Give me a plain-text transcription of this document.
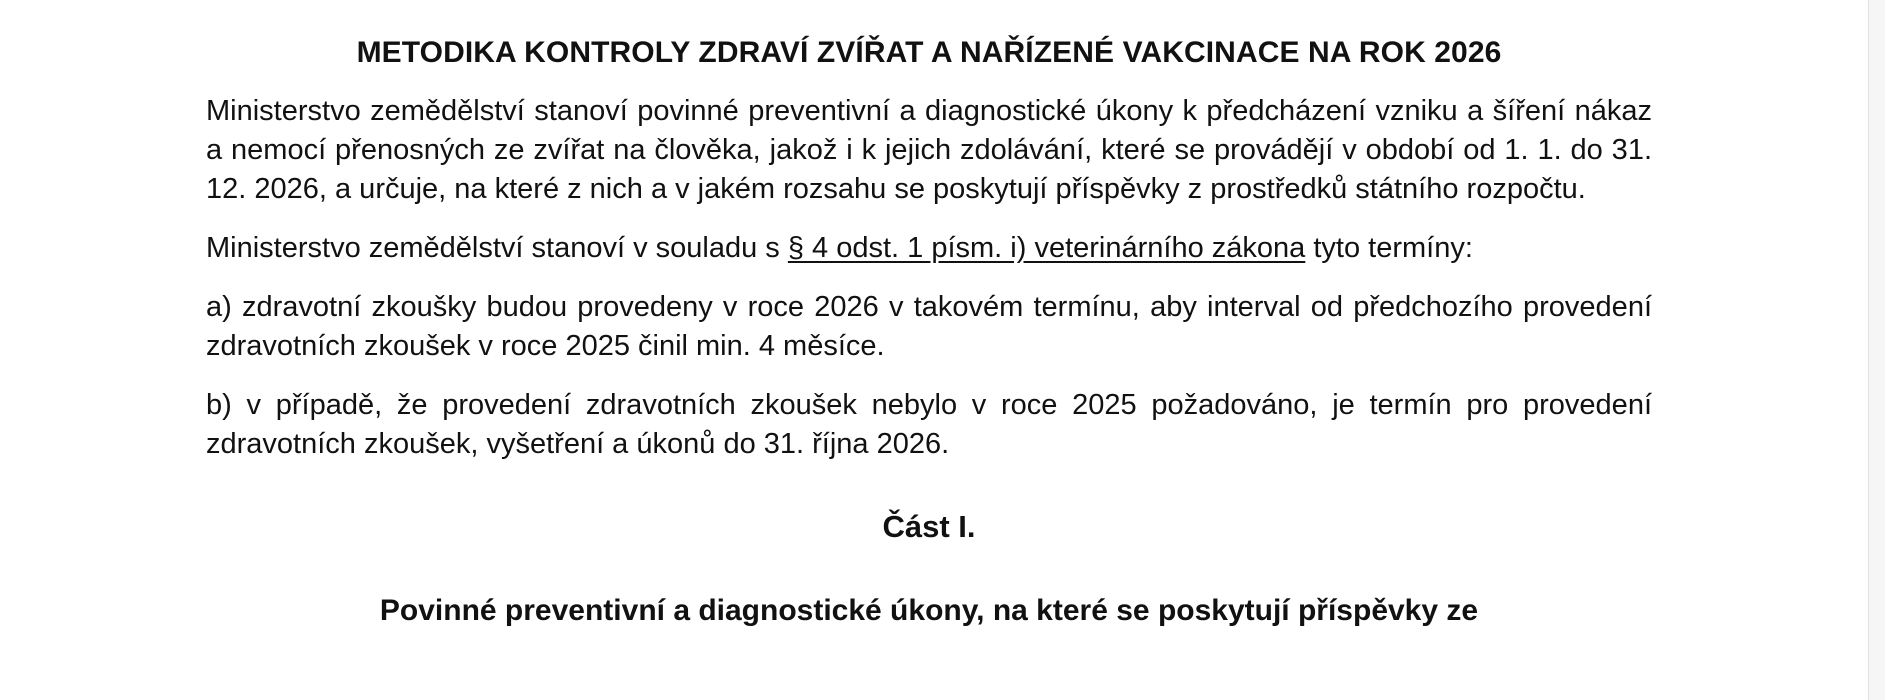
METODIKA KONTROLY ZDRAVÍ ZVÍŘAT A NAŘÍZENÉ VAKCINACE NA ROK 2026

Ministerstvo zemědělství stanoví povinné preventivní a diagnostické úkony k předcházení vzniku a šíření nákaz a nemocí přenosných ze zvířat na člověka, jakož i k jejich zdolávání, které se provádějí v období od 1. 1. do 31. 12. 2026, a určuje, na které z nich a v jakém rozsahu se poskytují příspěvky z prostředků státního rozpočtu.

Ministerstvo zemědělství stanoví v souladu s § 4 odst. 1 písm. i) veterinárního zákona tyto termíny:

a) zdravotní zkoušky budou provedeny v roce 2026 v takovém termínu, aby interval od předchozího provedení zdravotních zkoušek v roce 2025 činil min. 4 měsíce.

b) v případě, že provedení zdravotních zkoušek nebylo v roce 2025 požadováno, je termín pro provedení zdravotních zkoušek, vyšetření a úkonů do 31. října 2026.

Část I.
Povinné preventivní a diagnostické úkony, na které se poskytují příspěvky ze
